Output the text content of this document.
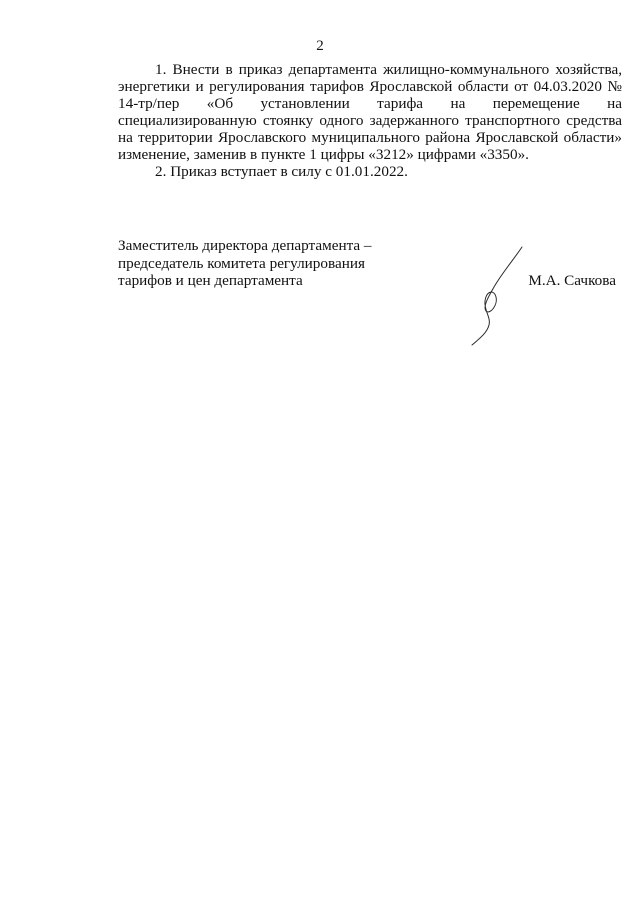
2

1. Внести в приказ департамента жилищно-коммунального хозяйства, энергетики и регулирования тарифов Ярославской области от 04.03.2020 № 14-тр/пер «Об установлении тарифа на перемещение на специализированную стоянку одного задержанного транспортного средства на территории Ярославского муниципального района Ярославской области» изменение, заменив в пункте 1 цифры «3212» цифрами «3350».

2. Приказ вступает в силу с 01.01.2022.

Заместитель директора департамента –
председатель комитета регулирования
тарифов и цен департамента	М.А. Сачкова
